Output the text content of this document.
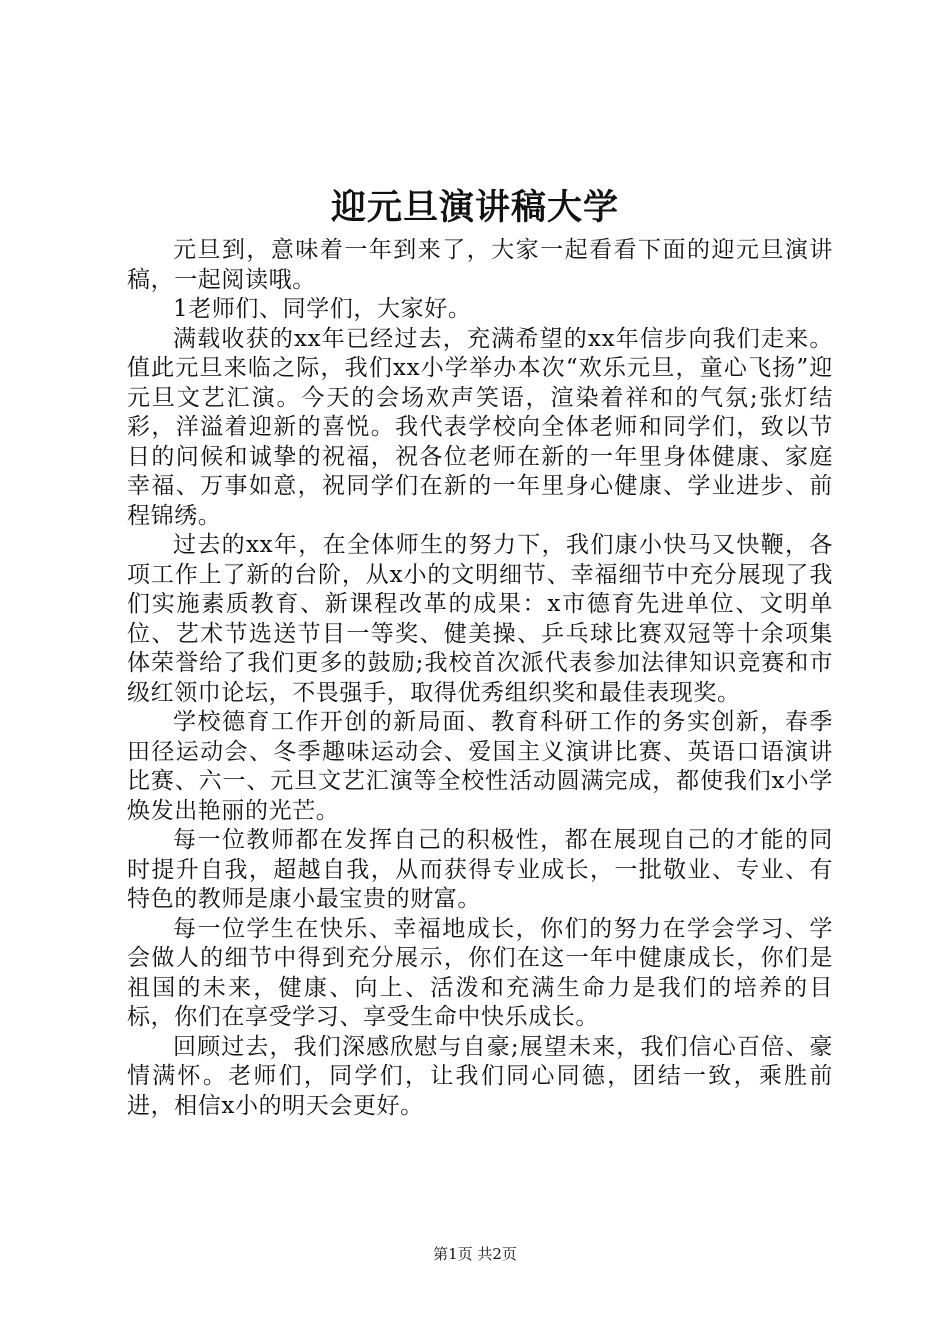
迎元旦演讲稿大学

元旦到，意味着一年到来了，大家一起看看下面的迎元旦演讲稿，一起阅读哦。

1老师们、同学们，大家好。

满载收获的xx年已经过去，充满希望的xx年信步向我们走来。值此元旦来临之际，我们xx小学举办本次“欢乐元旦，童心飞扬”迎元旦文艺汇演。今天的会场欢声笑语，渲染着祥和的气氛;张灯结彩，洋溢着迎新的喜悦。我代表学校向全体老师和同学们，致以节日的问候和诚挚的祝福，祝各位老师在新的一年里身体健康、家庭幸福、万事如意，祝同学们在新的一年里身心健康、学业进步、前程锦绣。

过去的xx年，在全体师生的努力下，我们康小快马又快鞭，各项工作上了新的台阶，从x小的文明细节、幸福细节中充分展现了我们实施素质教育、新课程改革的成果：x市德育先进单位、文明单位、艺术节选送节目一等奖、健美操、乒乓球比赛双冠等十余项集体荣誉给了我们更多的鼓励;我校首次派代表参加法律知识竞赛和市级红领巾论坛，不畏强手，取得优秀组织奖和最佳表现奖。

学校德育工作开创的新局面、教育科研工作的务实创新，春季田径运动会、冬季趣味运动会、爱国主义演讲比赛、英语口语演讲比赛、六一、元旦文艺汇演等全校性活动圆满完成，都使我们x小学焕发出艳丽的光芒。

每一位教师都在发挥自己的积极性，都在展现自己的才能的同时提升自我，超越自我，从而获得专业成长，一批敬业、专业、有特色的教师是康小最宝贵的财富。

每一位学生在快乐、幸福地成长，你们的努力在学会学习、学会做人的细节中得到充分展示，你们在这一年中健康成长，你们是祖国的未来，健康、向上、活泼和充满生命力是我们的培养的目标，你们在享受学习、享受生命中快乐成长。

回顾过去，我们深感欣慰与自豪;展望未来，我们信心百倍、豪情满怀。老师们，同学们，让我们同心同德，团结一致，乘胜前进，相信x小的明天会更好。

第1页 共2页
